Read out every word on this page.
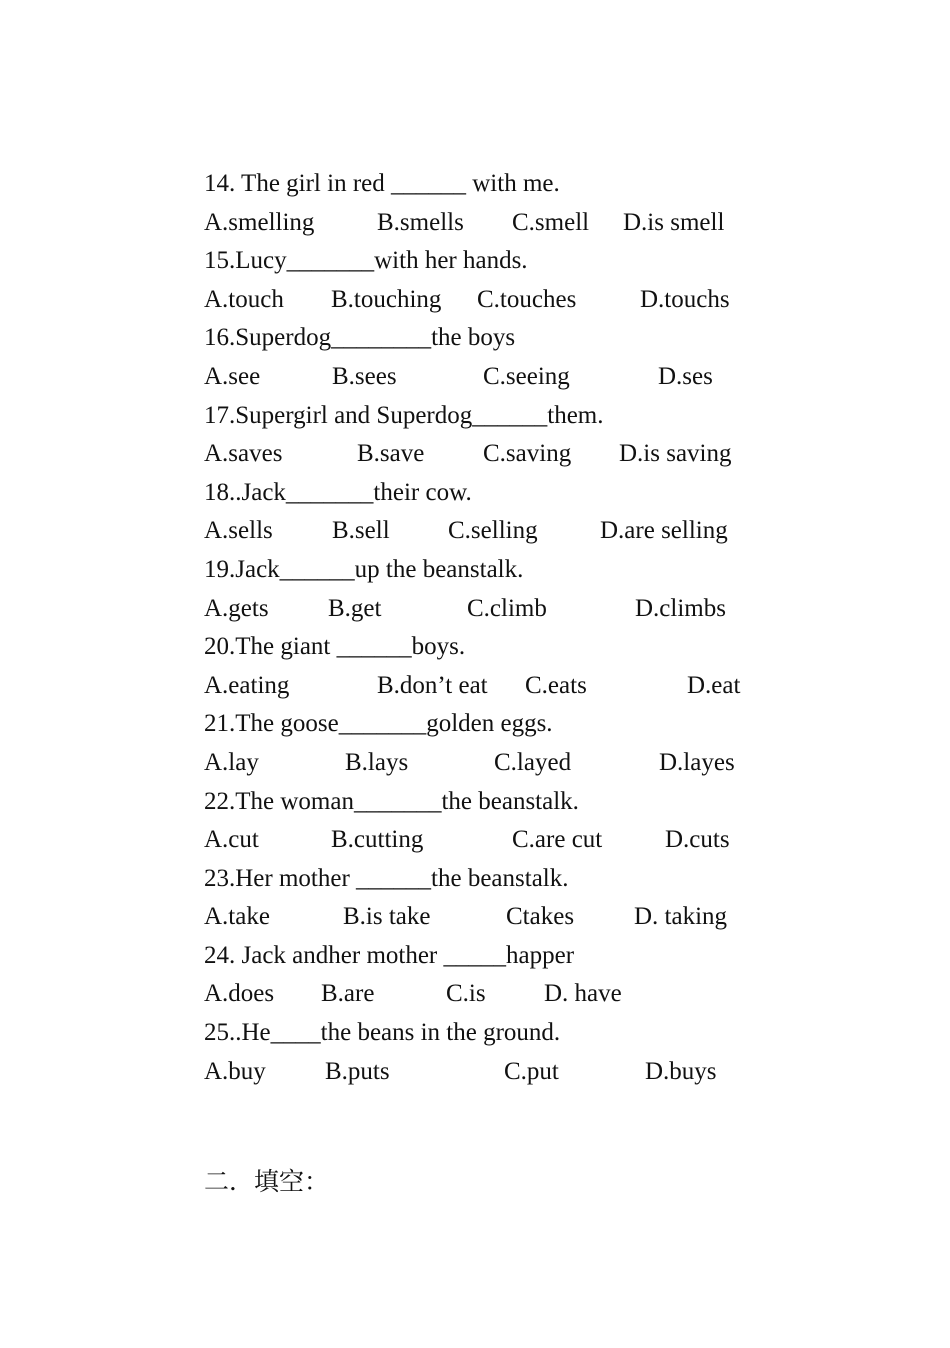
14. The girl in red ______ with me.

A.smelling

	B.smells

C.smell

D.is smell

15.Lucy_______with her hands.

A.touch

B.touching

C.touches

	D.touchs

16.Superdog________the boys

A.see

	B.sees

	C.seeing

	D.ses

17.Supergirl and Superdog______them.

A.saves

	B.save

C.saving

D.is saving

18..Jack_______their cow.

A.sells

B.sell

C.selling

D.are selling

19.Jack______up the beanstalk.

A.gets

B.get

	C.climb

	D.climbs

20.The giant ______boys.

A.eating

	B.don’t eat

C.eats

	D.eat

21.The goose_______golden eggs.

A.lay

	B.lays

	C.layed

	D.layes

22.The woman_______the beanstalk.

A.cut

	B.cutting

	C.are cut

	D.cuts

23.Her mother ______the beanstalk.

A.take

	B.is take

	Ctakes

D. taking

24. Jack andher mother _____happer

A.does

B.are

	C.is

D. have

25..He____the beans in the ground.

A.buy

B.puts

	C.put

	D.buys

二．填空：
